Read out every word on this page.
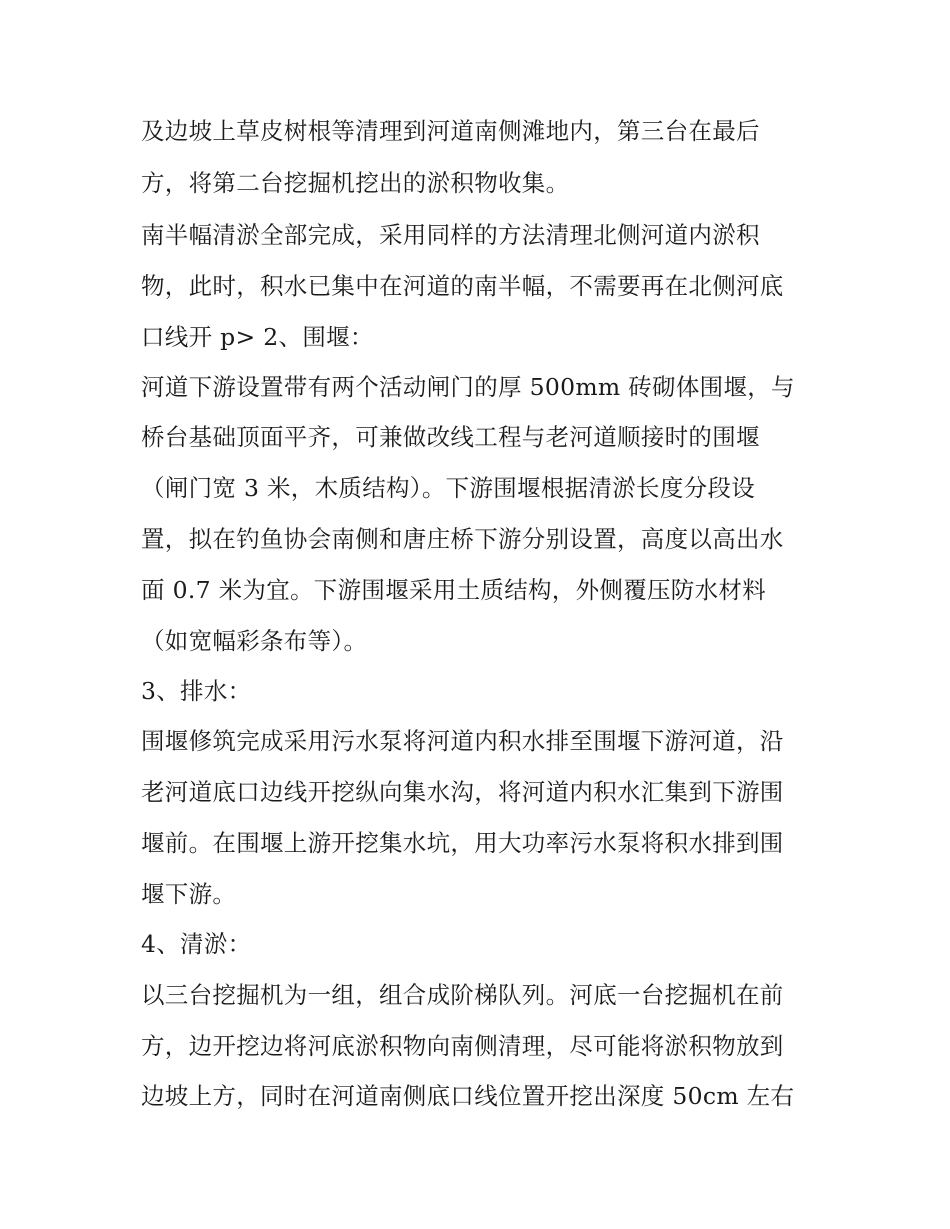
及边坡上草皮树根等清理到河道南侧滩地内，第三台在最后
方，将第二台挖掘机挖出的淤积物收集。
南半幅清淤全部完成，采用同样的方法清理北侧河道内淤积
物，此时，积水已集中在河道的南半幅，不需要再在北侧河底
口线开 p> 2、围堰：
河道下游设置带有两个活动闸门的厚 500mm 砖砌体围堰，与
桥台基础顶面平齐，可兼做改线工程与老河道顺接时的围堰
（闸门宽 3 米，木质结构）。下游围堰根据清淤长度分段设
置，拟在钓鱼协会南侧和唐庄桥下游分别设置，高度以高出水
面 0.7 米为宜。下游围堰采用土质结构，外侧覆压防水材料
（如宽幅彩条布等）。
3、排水：
围堰修筑完成采用污水泵将河道内积水排至围堰下游河道，沿
老河道底口边线开挖纵向集水沟，将河道内积水汇集到下游围
堰前。在围堰上游开挖集水坑，用大功率污水泵将积水排到围
堰下游。
4、清淤：
以三台挖掘机为一组，组合成阶梯队列。河底一台挖掘机在前
方，边开挖边将河底淤积物向南侧清理，尽可能将淤积物放到
边坡上方，同时在河道南侧底口线位置开挖出深度 50cm 左右
